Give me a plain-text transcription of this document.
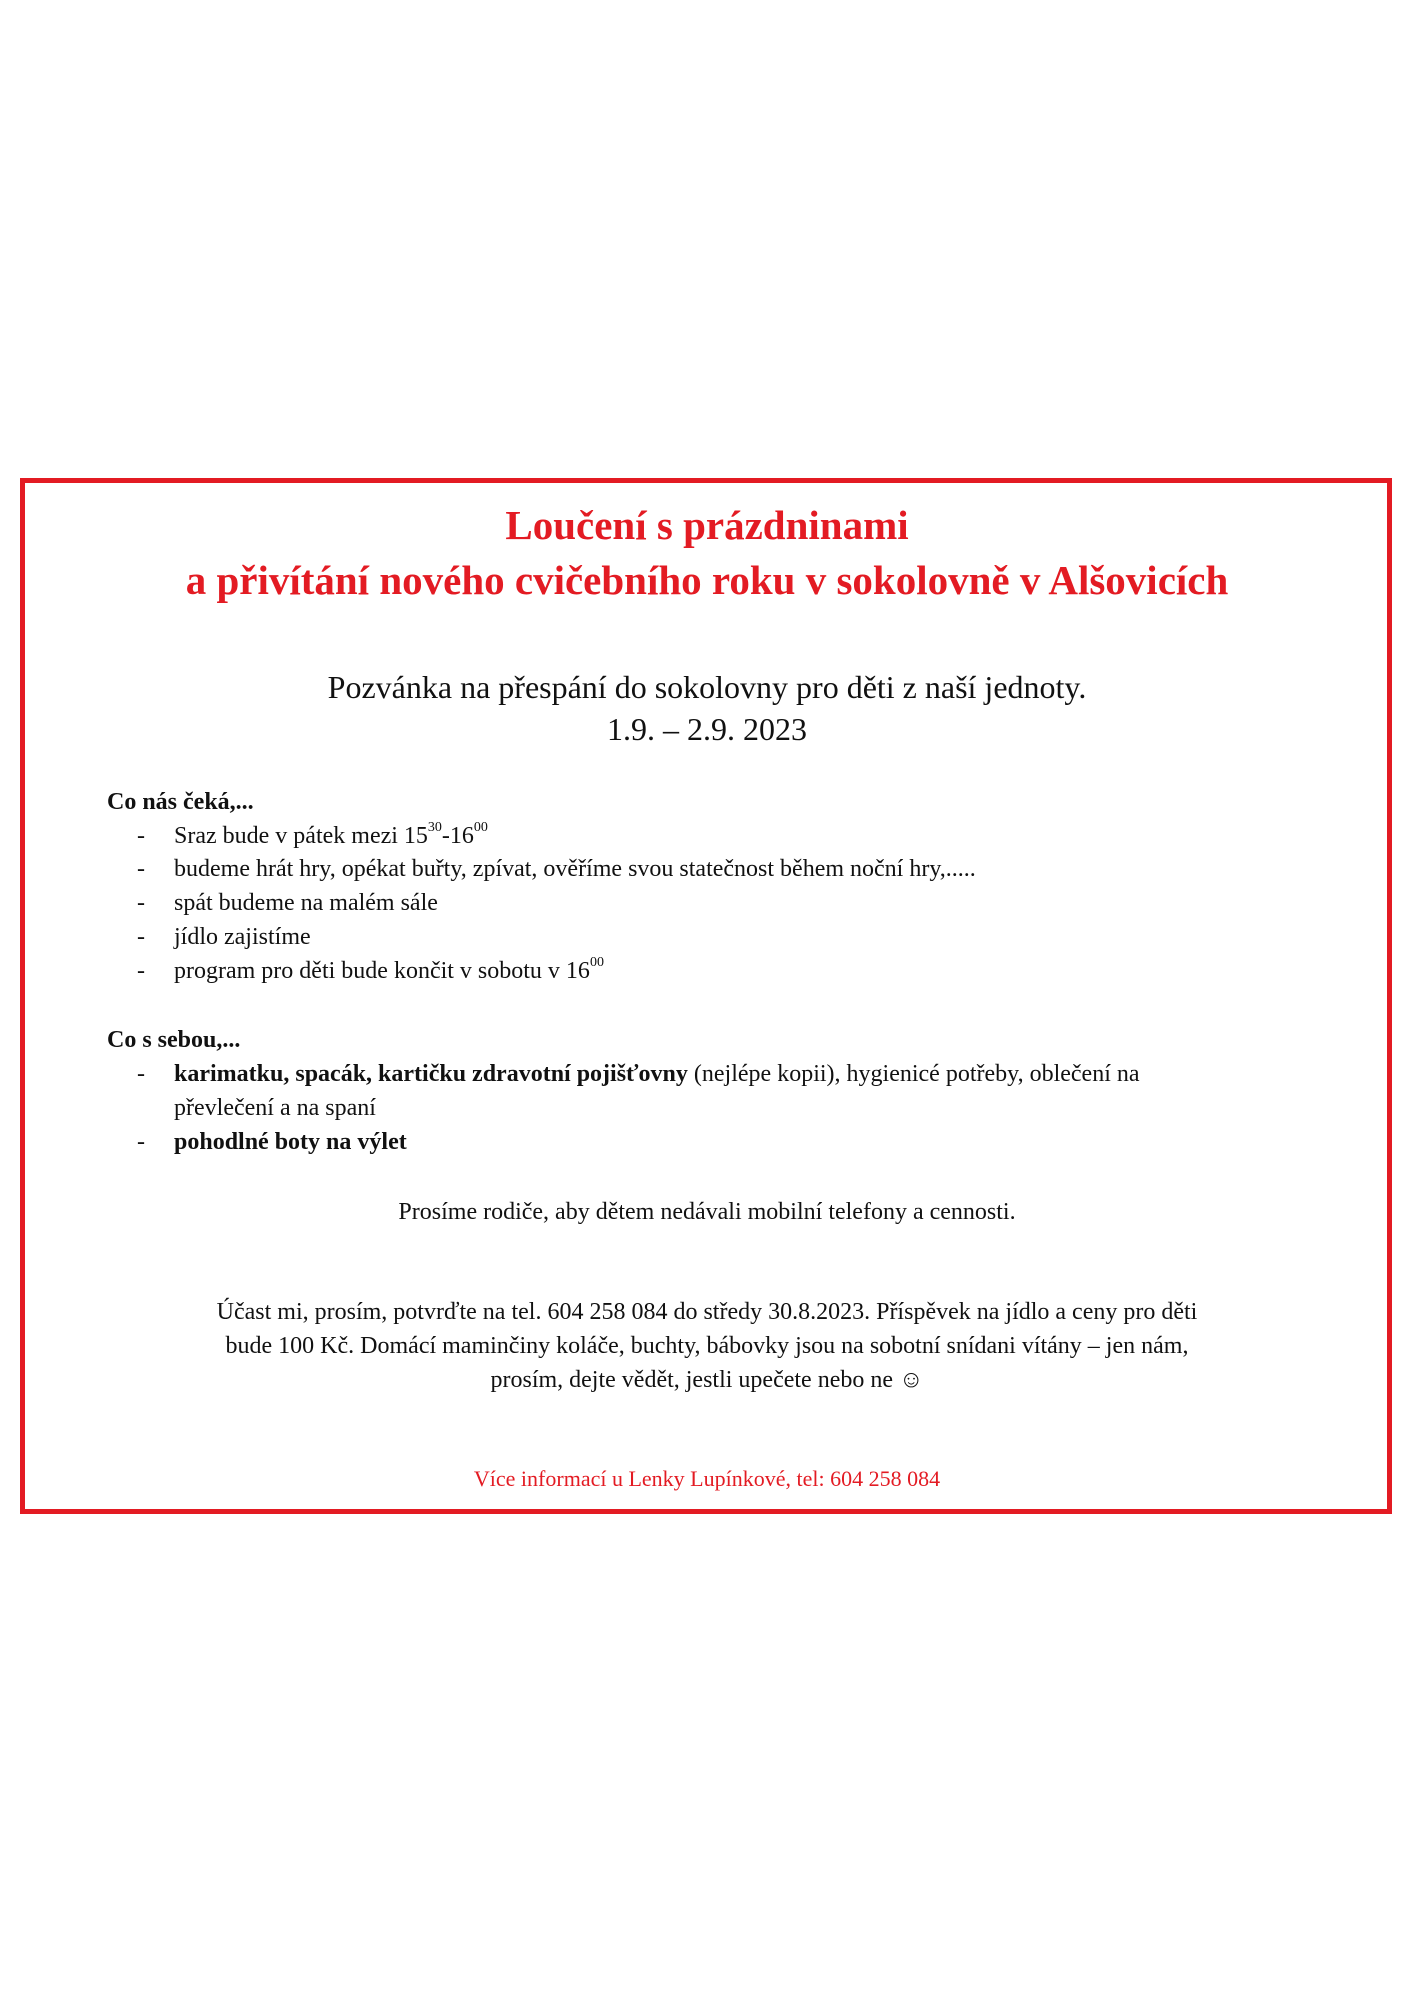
Loučení s prázdninami
a přivítání nového cvičebního roku v sokolovně v Alšovicích
Pozvánka na přespání do sokolovny pro děti z naší jednoty.
1.9. – 2.9. 2023
Co nás čeká,...
-	Sraz bude v pátek mezi $15^{30}-16^{00}$
-	budeme hrát hry, opékat buřty, zpívat, ověříme svou statečnost během noční hry,.....
-	spát budeme na malém sále
-	jídlo zajistíme
-	program pro děti bude končit v sobotu v $16^{00}$
Co s sebou,...
-	karimatku, spacák, kartičku zdravotní pojišťovny (nejlépe kopii), hygienicé potřeby, oblečení na
převlečení a na spaní
-	pohodlné boty na výlet
Prosíme rodiče, aby dětem nedávali mobilní telefony a cennosti.
Účast mi, prosím, potvrďte na tel. 604 258 084 do středy 30.8.2023. Příspěvek na jídlo a ceny pro děti
bude 100 Kč. Domácí maminčiny koláče, buchty, bábovky jsou na sobotní snídani vítány – jen nám,
prosím, dejte vědět, jestli upečete nebo ne ☺
Více informací u Lenky Lupínkové, tel: 604 258 084
